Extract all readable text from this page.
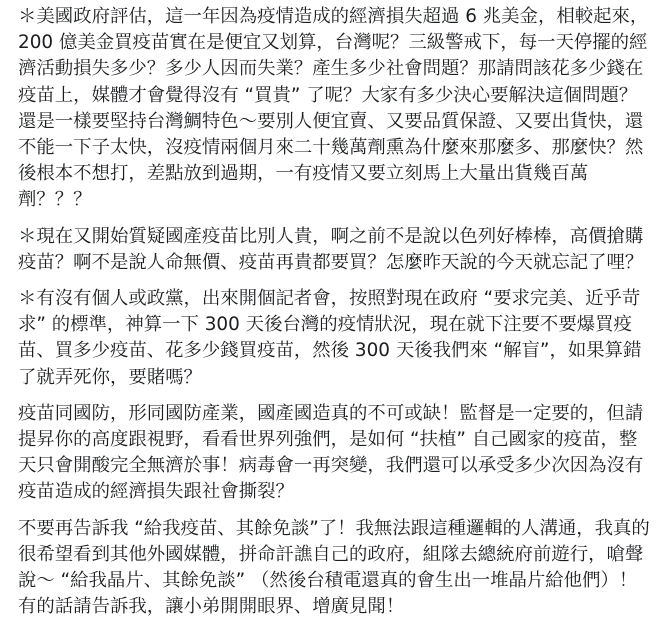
＊美國政府評估，這一年因為疫情造成的經濟損失超過 6 兆美金，相較起來，200 億美金買疫苗實在是便宜又划算，台灣呢？三級警戒下，每一天停擺的經濟活動損失多少？多少人因而失業？產生多少社會問題？那請問該花多少錢在疫苗上，媒體才會覺得沒有 “買貴” 了呢？大家有多少決心要解決這個問題？還是一樣要堅持台灣鯛特色～要別人便宜賣、又要品質保證、又要出貨快，還不能一下子太快，沒疫情兩個月來二十幾萬劑熏為什麼來那麼多、那麼快？然後根本不想打，差點放到過期，一有疫情又要立刻馬上大量出貨幾百萬劑？？？

＊現在又開始質疑國產疫苗比別人貴，啊之前不是說以色列好棒棒，高價搶購疫苗？啊不是說人命無價、疫苗再貴都要買？怎麼昨天說的今天就忘記了哩？

＊有沒有個人或政黨，出來開個記者會，按照對現在政府 “要求完美、近乎苛求” 的標準，神算一下 300 天後台灣的疫情狀況，現在就下注要不要爆買疫苗、買多少疫苗、花多少錢買疫苗，然後 300 天後我們來 “解盲”，如果算錯了就弄死你，要賭嗎？

疫苗同國防，形同國防產業，國產國造真的不可或缺！監督是一定要的，但請提昇你的高度跟視野，看看世界列強們，是如何 “扶植” 自己國家的疫苗，整天只會開酸完全無濟於事！病毒會一再突變，我們還可以承受多少次因為沒有疫苗造成的經濟損失跟社會撕裂？

不要再告訴我 “給我疫苗、其餘免談”了！我無法跟這種邏輯的人溝通，我真的很希望看到其他外國媒體，拼命訐譙自己的政府，組隊去總統府前遊行，嗆聲說～ “給我晶片、其餘免談” （然後台積電還真的會生出一堆晶片給他們）！有的話請告訴我，讓小弟開開眼界、增廣見聞！
